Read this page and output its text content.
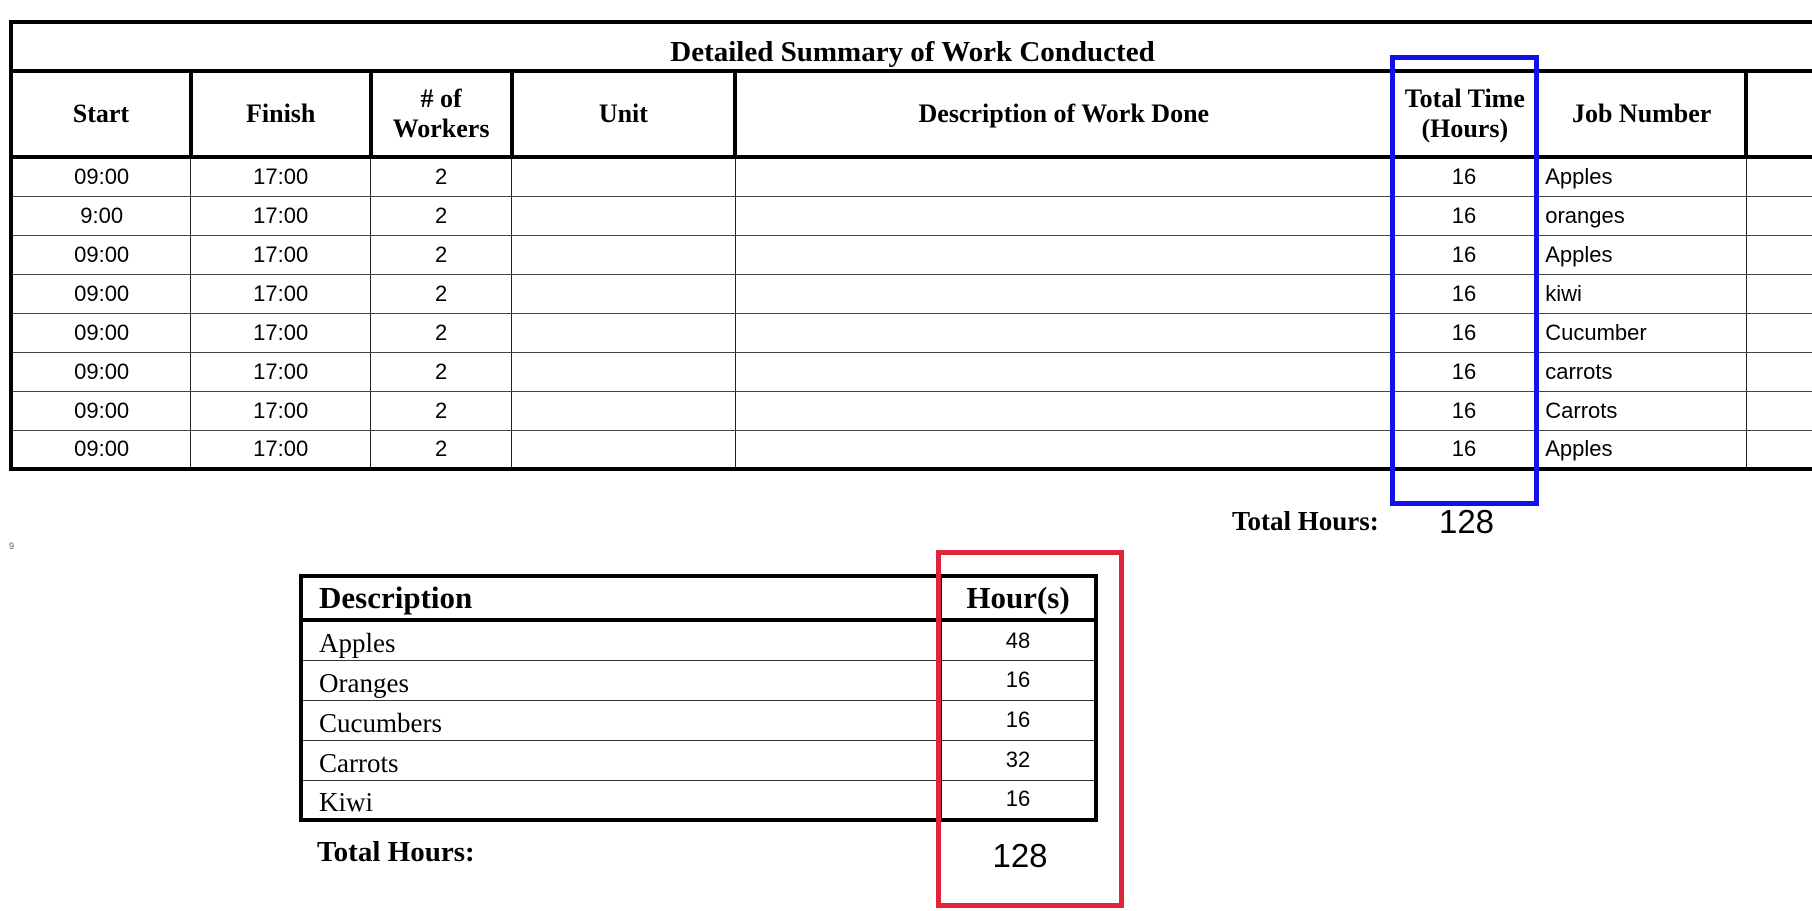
Detailed Summary of Work Conducted							
Start	Finish	# of Workers	Unit	Description of Work Done	Total Time (Hours)	Job Number	
09:00	17:00	2			16	Apples	
9:00	17:00	2			16	oranges	
09:00	17:00	2			16	Apples	
09:00	17:00	2			16	kiwi	
09:00	17:00	2			16	Cucumber	
09:00	17:00	2			16	carrots	
09:00	17:00	2			16	Carrots	
09:00	17:00	2			16	Apples	
Total Hours:	128
9
Description	Hour(s)
Apples	48
Oranges	16
Cucumbers	16
Carrots	32
Kiwi	16
Total Hours:	128
